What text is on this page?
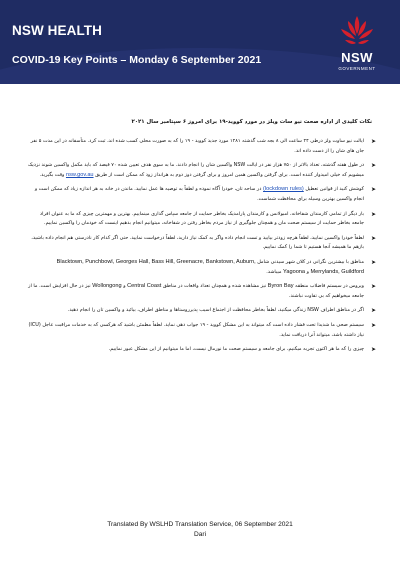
NSW HEALTH
COVID-19 Key Points – Monday 6 September 2021	NSW
GOVERNMENT
نکات کلیدی از اداره صحت نیو سات ویلز در مورد کووید-۱۹ برای امروز ۶ سپتامبر سال ۲۰۲۱
➤
ایالت نیو ساوت ولز درطی ۲۴ ساعت الی ۸ بجه شب گذشته ۱۲۸۱ مورد جدید کووید - ۱۹ را که به صورت محلی کسب شده اند، ثبت کرد. متأسفانه در این مدت ۵ نفر جان های شان را از دست داده اند.
➤
در طول هفته گذشته، تعداد بالاتر از ۷۵۰ هزار نفر در ایالت NSW واکسین شان را انجام دادند. ما به سوی هدف تعیین شده ۷۰ فیصد که باید مکمل واکسین شوند نزدیک میشویم که خیلی امیدوار کننده است. برای گرفتن واکسین همین امروز و برای گرفتن دوز دوم به هرانداز زود که ممکن است از طریق nsw.gov.au وقت بگیرید.
➤
کوشش کنید از قوانین تعطیل (lockdown rules) در ساحه تان، خودرا آگاه نموده و لطفاً به توصیه ها عمل نمایید. ماندن در خانه به هر اندازه زیاد که ممکن است و انجام واکسین بهترین وسیله برای محافظت شماست.
➤
بار دیگر از تمامی کارمندان شفاخانه، امبولانس و کارمندان پارامدیک بخاطر حمایت از جامعه سپاس گذاری مینماییم. بهترین و مهمترین چیزی که ما به عنوان افراد جامعه بخاطر حمایت از سیستم صحت مان و همچنان جلوگیری از نیاز مردم بخاطر رفتن در شفاخانه، میتوانیم انجام بدهیم اینست که خودمان را واکسین نماییم.
➤
لطفاً خودرا واکسین نمایید، لطفاً هرچه زودتر بیایید و تست انجام داده واگر به کمک نیاز دارید، لطفاً درخواست نمایید. حتی اگر کدام کار نادرستی هم انجام داده باشید، بازهم ما همیشه آنجا هستیم تا شما را کمک نماییم.
➤
مناطق با بیشترین نگرانی در کلان شهر سیدنی شامل Blacktown, Punchbowl, Georges Hall, Bass Hill, Greenacre, Bankstown, Auburn, Merrylands, Guildford و Yagoona میباشد.
➤
ویروس در سیستم فاضلاب منطقه Byron Bay نیز مشاهده شده و همچنان تعداد واقعات در مناطق Central Coast و Wollongong نیز در حال افزایش است. ما از جامعه میخواهیم که بی تفاوت نباشند.
➤
اگر در مناطق اطراف NSW زندگی میکنید، لطفاً بخاطر محافظت از اجتماع اسیب پذیرروستاها و مناطق اطراف، بیائید و واکسین تان را انجام دهید.
➤
سیستم صحی ما شدیدا تحت فشار داده است که میتواند به این مشکل کووید - ۱۹ جواب دهی نماید. لطفاً مطمئن باشید که هرکسی که به خدمات مراقبت عاجل (ICU) نیاز داشته باشد، میتواند آنرا دریافت نماید.
➤
چیزی را که ما هر اکنون تجربه میکنیم، برای جامعه و سیستم صحت ما نورمال نیست، اما ما میتوانیم از این مشکل عبور نماییم.
Translated By WSLHD Translation Service, 06 September 2021
Dari
